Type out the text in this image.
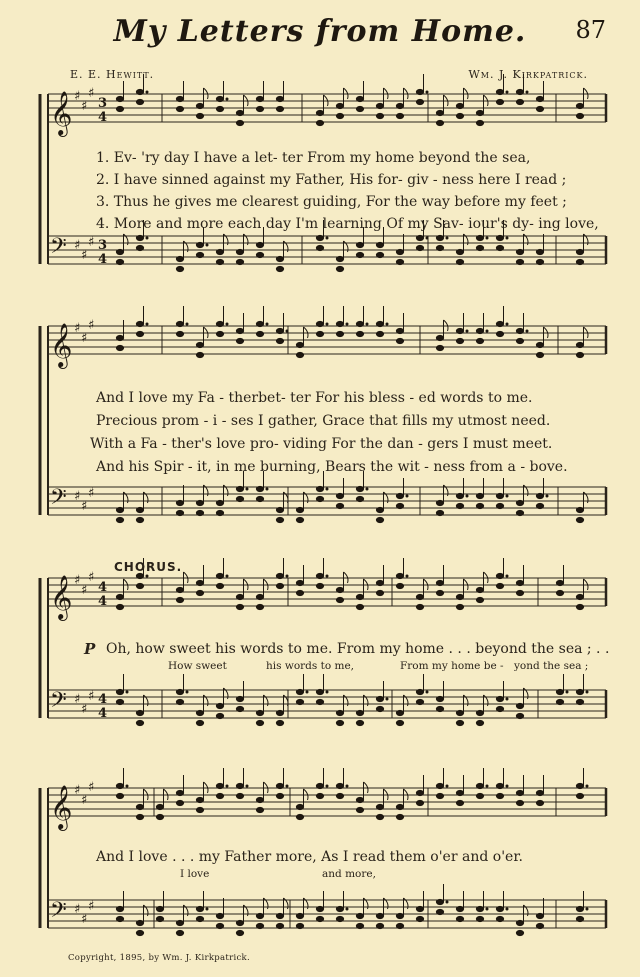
My Letters from Home.	87
E. E. Hewitt.	Wm. J. Kirkpatrick.
𝄞 ♯
♯
♯
3
4
𝄢 ♯
♯
♯ 3
4
𝄞 ♯
♯
♯
𝄢 ♯
♯
♯
𝄞 ♯
♯
♯
4
4
𝄢 ♯
♯
♯ 4
4
𝄞 ♯
♯
♯
𝄢 ♯
♯
♯
1. Ev- 'ry day I have a let- ter From my home beyond the sea,
2. I have sinned against my Father, His for- giv - ness here I read ;
3. Thus he gives me clearest guiding, For the way before my feet ;
4. More and more each day I'm learning Of my Sav- iour's dy- ing love,
And I love my Fa - therbet- ter For his bless - ed words to me.
Precious prom - i - ses I gather, Grace that fills my utmost need.
With a Fa - ther's love pro- viding For the dan - gers I must meet.
And his Spir - it, in me burning, Bears the wit - ness from a - bove.
CHORUS.
P Oh, how sweet his words to me. From my home . . . beyond the sea ; . .
How sweet	his words to me,	From my home be - yond the sea ;
And I love . . . my Father more, As I read them o'er and o'er.
I love	and more,
Copyright, 1895, by Wm. J. Kirkpatrick.
